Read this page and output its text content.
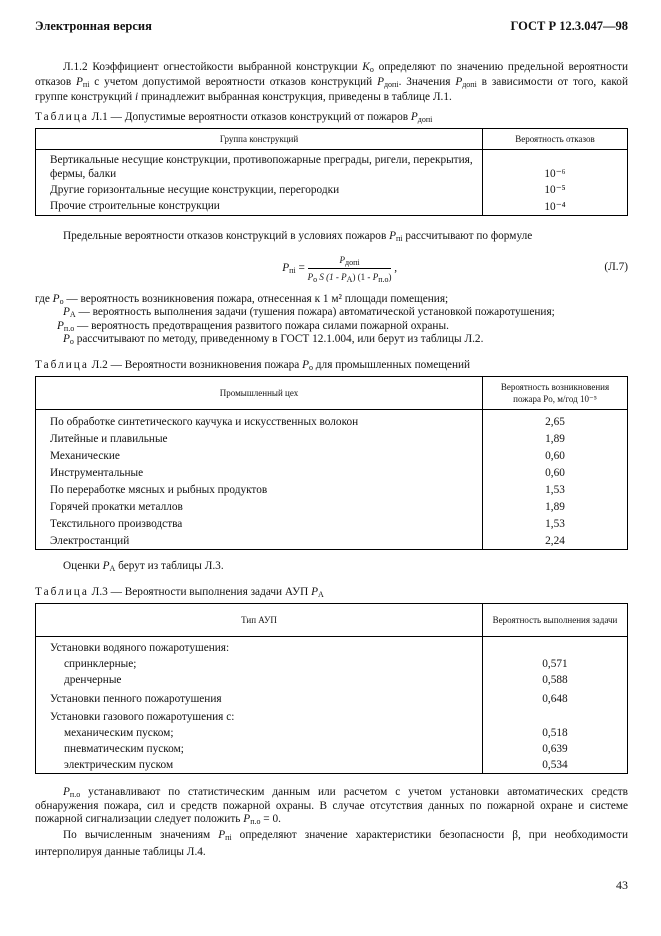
Электронная версия	ГОСТ Р 12.3.047—98

Л.1.2 Коэффициент огнестойкости выбранной конструкции $K_o$ определяют по значению предельной вероятности отказов $P_{пi}$ с учетом допустимой вероятности отказов конструкций $P_{допi}$. Значения $P_{допi}$ в зависимости от того, какой группе конструкций i принадлежит выбранная конструкция, приведены в таблице Л.1.

Таблица Л.1 — Допустимые вероятности отказов конструкций от пожаров $P_{допi}$
Группа конструкций	Вероятность отказов
Вертикальные несущие конструкции, противопожарные преграды, ригели, перекрытия, фермы, балки	10⁻⁶
Другие горизонтальные несущие конструкции, перегородки	10⁻⁵
Прочие строительные конструкции	10⁻⁴

Предельные вероятности отказов конструкций в условиях пожаров $P_{пi}$ рассчитывают по формуле

$P_{пi} = \frac{P_{допi}}{P_o S (1 - P_A) (1 - P_{п.о})}$ ,	(Л.7)
где $P_o$ — вероятность возникновения пожара, отнесенная к 1 м² площади помещения;
$P_A$ — вероятность выполнения задачи (тушения пожара) автоматической установкой пожаротушения;
$P_{п.о}$ — вероятность предотвращения развитого пожара силами пожарной охраны.
$P_o$ рассчитывают по методу, приведенному в ГОСТ 12.1.004, или берут из таблицы Л.2.
Таблица Л.2 — Вероятности возникновения пожара $P_o$ для промышленных помещений
Промышленный цех	Вероятность возникновения пожара Pо, м/год 10⁻⁵
По обработке синтетического каучука и искусственных волокон	2,65
Литейные и плавильные	1,89
Механические	0,60
Инструментальные	0,60
По переработке мясных и рыбных продуктов	1,53
Горячей прокатки металлов	1,89
Текстильного производства	1,53
Электростанций	2,24

Оценки $P_A$ берут из таблицы Л.3.

Таблица Л.3 — Вероятности выполнения задачи АУП $P_A$
Тип АУП	Вероятность выполнения задачи
Установки водяного пожаротушения:	
спринклерные;	0,571
дренчерные	0,588
Установки пенного пожаротушения	0,648
Установки газового пожаротушения с:	
механическим пуском;	0,518
пневматическим пуском;	0,639
электрическим пуском	0,534

$P_{п.о}$ устанавливают по статистическим данным или расчетом с учетом установки автоматических средств обнаружения пожара, сил и средств пожарной охраны. В случае отсутствия данных по пожарной охране и системе пожарной сигнализации следует положить $P_{п.о} = 0$.

По вычисленным значениям $P_{пi}$ определяют значение характеристики безопасности β, при необходимости интерполируя данные таблицы Л.4.

43
